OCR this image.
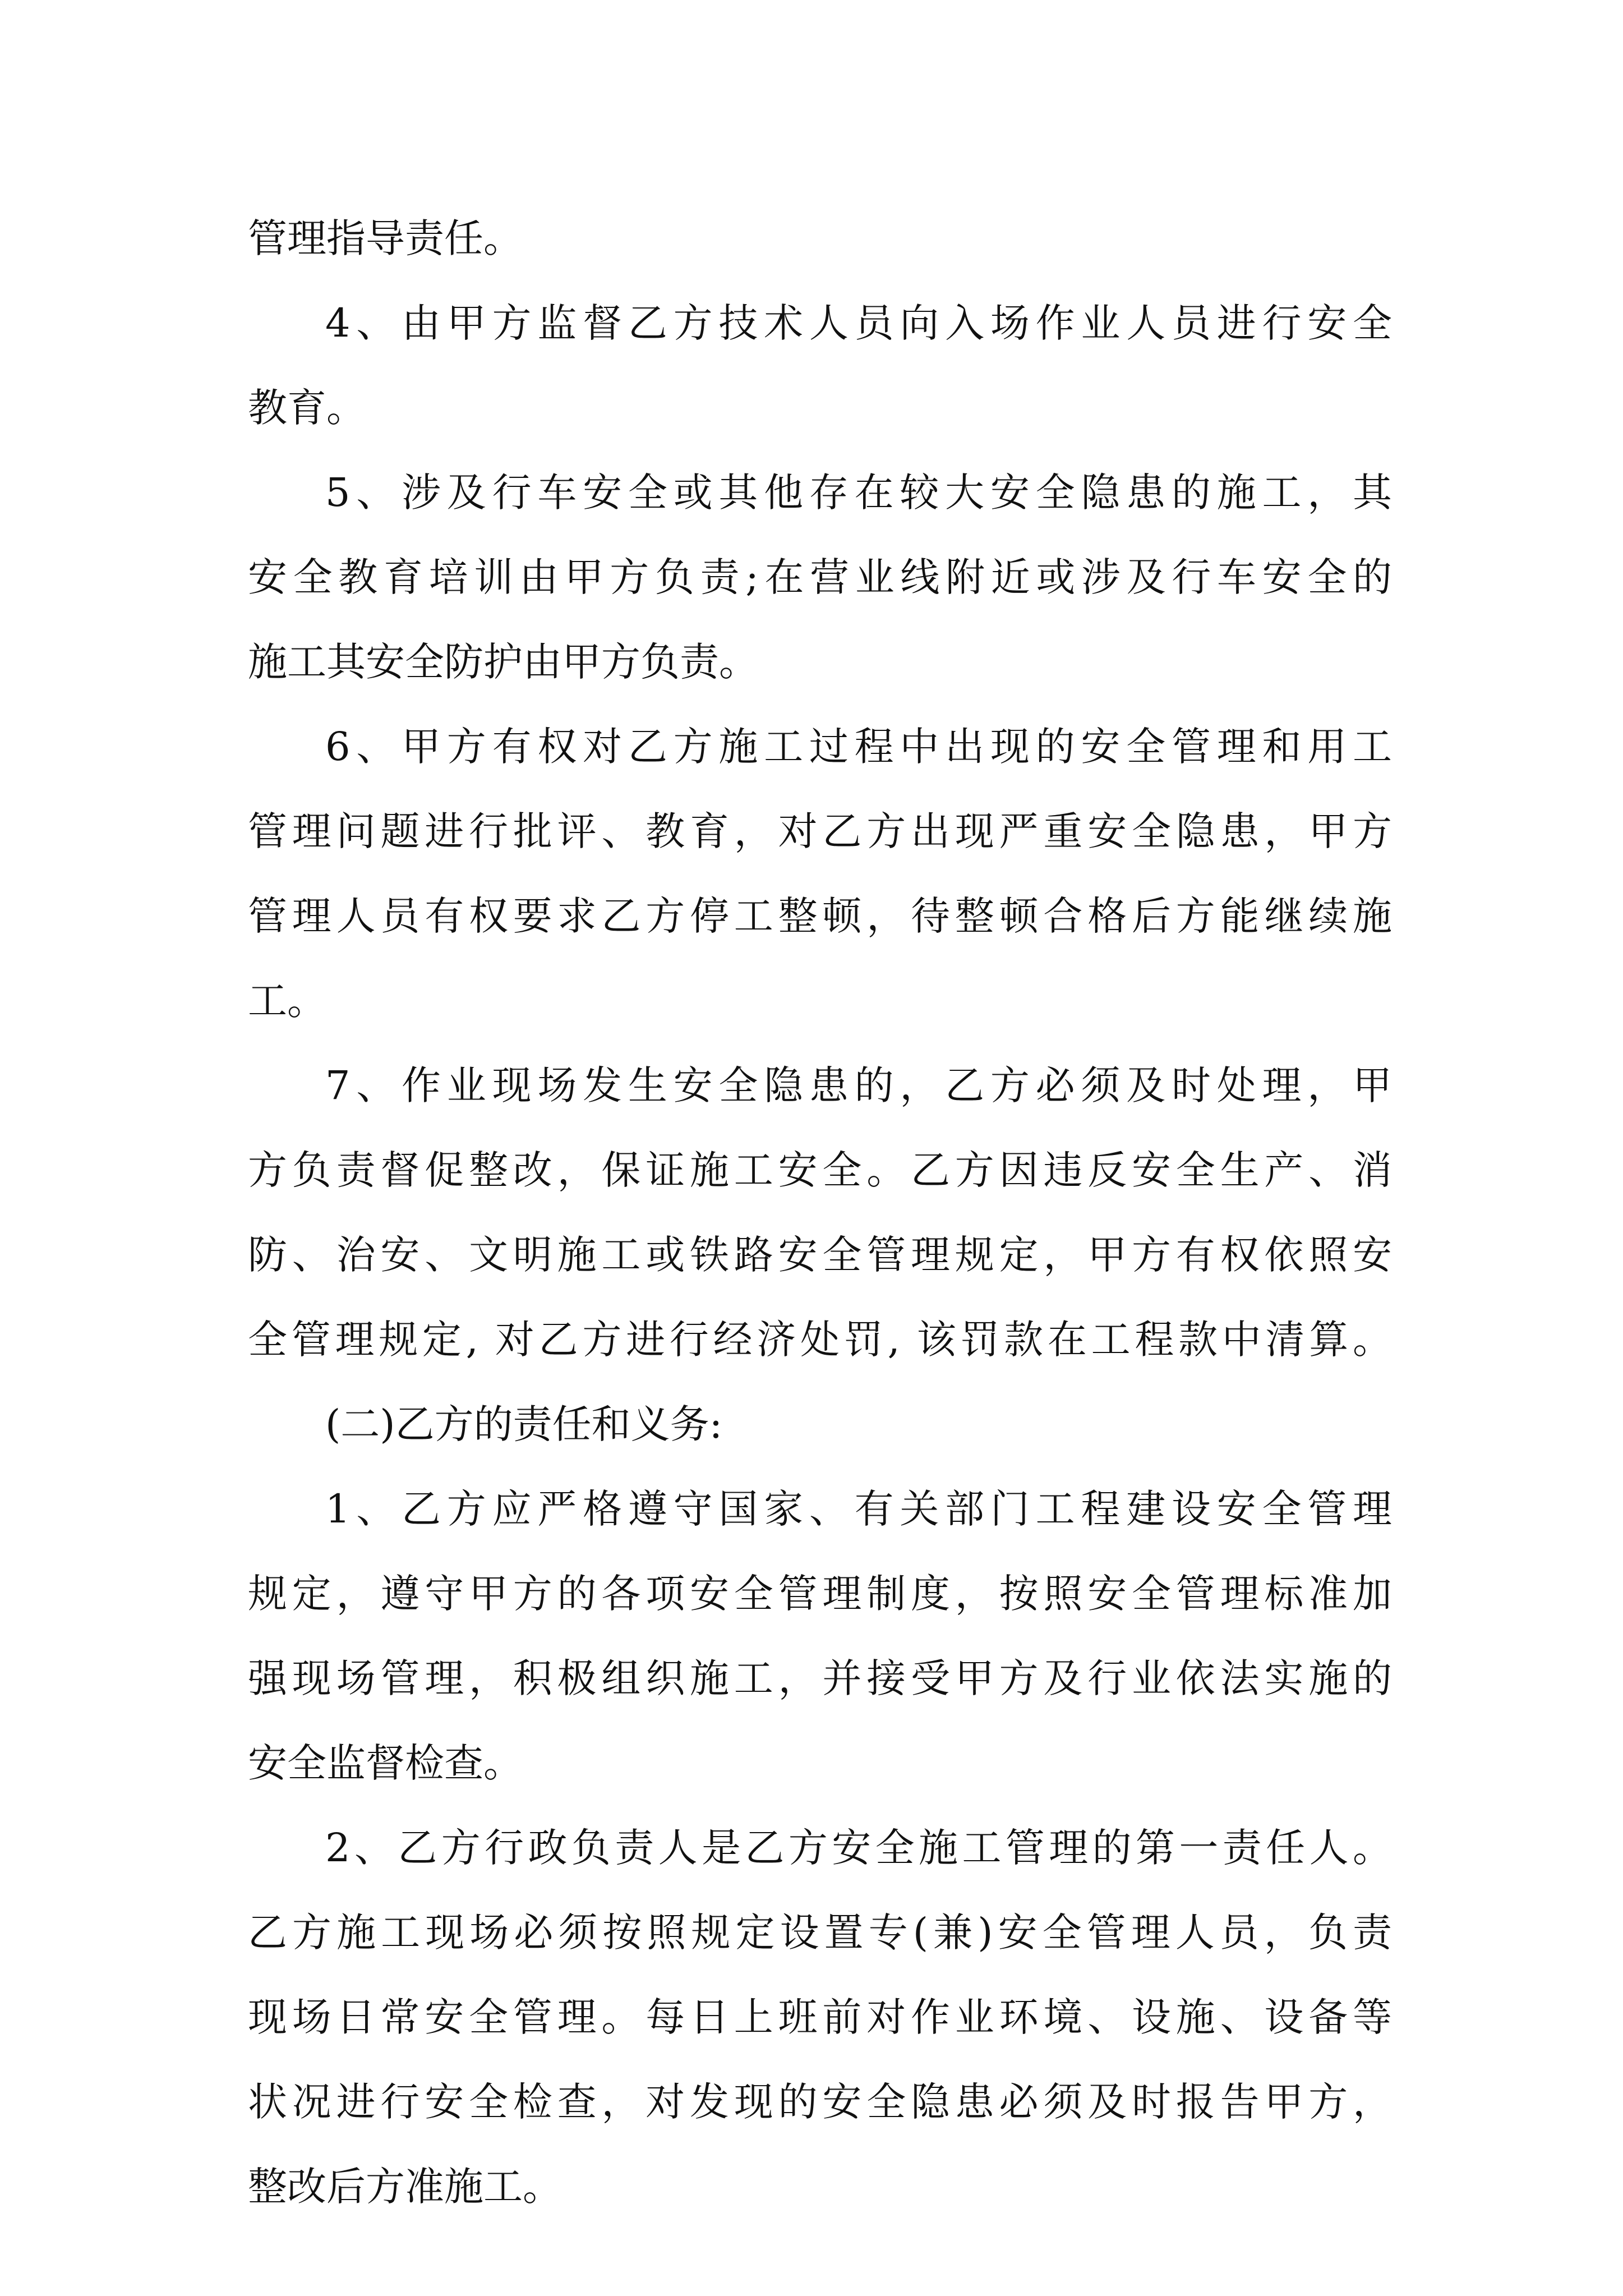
管理指导责任。
4、由甲方监督乙方技术人员向入场作业人员进行安全
教育。
5、涉及行车安全或其他存在较大安全隐患的施工，其
安全教育培训由甲方负责;在营业线附近或涉及行车安全的
施工其安全防护由甲方负责。
6、甲方有权对乙方施工过程中出现的安全管理和用工
管理问题进行批评、教育，对乙方出现严重安全隐患，甲方
管理人员有权要求乙方停工整顿，待整顿合格后方能继续施
工。
7、作业现场发生安全隐患的，乙方必须及时处理，甲
方负责督促整改，保证施工安全。乙方因违反安全生产、消
防、治安、文明施工或铁路安全管理规定，甲方有权依照安
全管理规定, 对乙方进行经济处罚, 该罚款在工程款中清算。
(二)乙方的责任和义务:
1、乙方应严格遵守国家、有关部门工程建设安全管理
规定，遵守甲方的各项安全管理制度，按照安全管理标准加
强现场管理，积极组织施工，并接受甲方及行业依法实施的
安全监督检查。
2、乙方行政负责人是乙方安全施工管理的第一责任人。
乙方施工现场必须按照规定设置专(兼)安全管理人员，负责
现场日常安全管理。每日上班前对作业环境、设施、设备等
状况进行安全检查，对发现的安全隐患必须及时报告甲方，
整改后方准施工。
